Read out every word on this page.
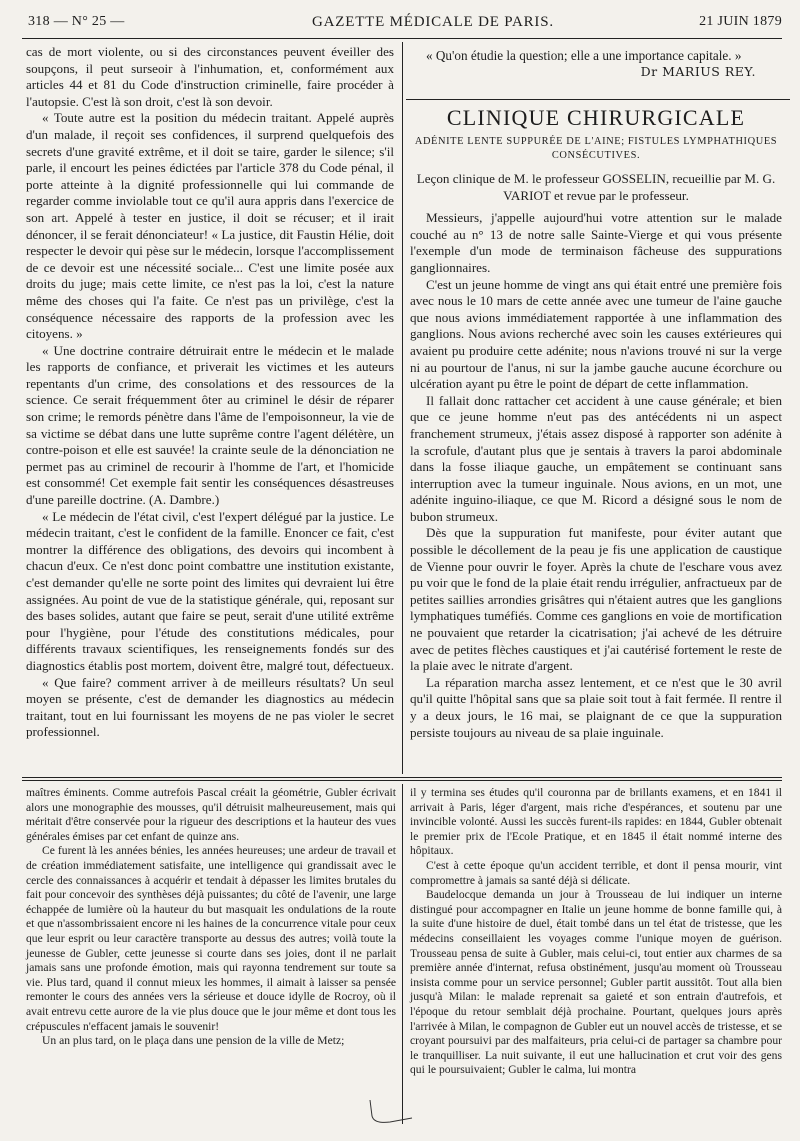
318 — N° 25 —	GAZETTE MÉDICALE DE PARIS.	21 JUIN 1879

cas de mort violente, ou si des circonstances peuvent éveiller des soupçons, il peut surseoir à l'inhumation, et, conformément aux articles 44 et 81 du Code d'instruction criminelle, faire procéder à l'autopsie. C'est là son droit, c'est là son devoir.

« Toute autre est la position du médecin traitant. Appelé auprès d'un malade, il reçoit ses confidences, il surprend quelquefois des secrets d'une gravité extrême, et il doit se taire, garder le silence; s'il parle, il encourt les peines édictées par l'article 378 du Code pénal, il porte atteinte à la dignité professionnelle qui lui commande de regarder comme inviolable tout ce qu'il aura appris dans l'exercice de son art. Appelé à tester en justice, il doit se récuser; et il irait dénoncer, il se ferait dénonciateur! « La justice, dit Faustin Hélie, doit respecter le devoir qui pèse sur le médecin, lorsque l'accomplissement de ce devoir est une nécessité sociale... C'est une limite posée aux droits du juge; mais cette limite, ce n'est pas la loi, c'est la nature même des choses qui l'a faite. Ce n'est pas un privilège, c'est la conséquence nécessaire des rapports de la profession avec les citoyens. »

« Une doctrine contraire détruirait entre le médecin et le malade les rapports de confiance, et priverait les victimes et les auteurs repentants d'un crime, des consolations et des ressources de la science. Ce serait fréquemment ôter au criminel le désir de réparer son crime; le remords pénètre dans l'âme de l'empoisonneur, la vie de sa victime se débat dans une lutte suprême contre l'agent délétère, un contre-poison et elle est sauvée! la crainte seule de la dénonciation ne permet pas au criminel de recourir à l'homme de l'art, et l'homicide est consommé! Cet exemple fait sentir les conséquences désastreuses d'une pareille doctrine. (A. Dambre.)

« Le médecin de l'état civil, c'est l'expert délégué par la justice. Le médecin traitant, c'est le confident de la famille. Enoncer ce fait, c'est montrer la différence des obligations, des devoirs qui incombent à chacun d'eux. Ce n'est donc point combattre une institution existante, c'est demander qu'elle ne sorte point des limites qui devraient lui être assignées. Au point de vue de la statistique générale, qui, reposant sur des bases solides, autant que faire se peut, serait d'une utilité extrême pour l'hygiène, pour l'étude des constitutions médicales, pour différents travaux scientifiques, les renseignements fondés sur des diagnostics établis post mortem, doivent être, malgré tout, défectueux.

« Que faire? comment arriver à de meilleurs résultats? Un seul moyen se présente, c'est de demander les diagnostics au médecin traitant, tout en lui fournissant les moyens de ne pas violer le secret professionnel.

« Qu'on étudie la question; elle a une importance capitale. »
Dr MARIUS REY.
CLINIQUE CHIRURGICALE
ADÉNITE LENTE SUPPURÉE DE L'AINE; FISTULES LYMPHATHIQUES CONSÉCUTIVES.
Leçon clinique de M. le professeur GOSSELIN, recueillie par M. G. VARIOT et revue par le professeur.

Messieurs, j'appelle aujourd'hui votre attention sur le malade couché au n° 13 de notre salle Sainte-Vierge et qui vous présente l'exemple d'un mode de terminaison fâcheuse des suppurations ganglionnaires.

C'est un jeune homme de vingt ans qui était entré une première fois avec nous le 10 mars de cette année avec une tumeur de l'aine gauche que nous avions immédiatement rapportée à une inflammation des ganglions. Nous avions recherché avec soin les causes extérieures qui avaient pu produire cette adénite; nous n'avions trouvé ni sur la verge ni au pourtour de l'anus, ni sur la jambe gauche aucune écorchure ou ulcération ayant pu être le point de départ de cette inflammation.

Il fallait donc rattacher cet accident à une cause générale; et bien que ce jeune homme n'eut pas des antécédents ni un aspect franchement strumeux, j'étais assez disposé à rapporter son adénite à la scrofule, d'autant plus que je sentais à travers la paroi abdominale dans la fosse iliaque gauche, un empâtement se continuant sans interruption avec la tumeur inguinale. Nous avions, en un mot, une adénite inguino-iliaque, ce que M. Ricord a désigné sous le nom de bubon strumeux.

Dès que la suppuration fut manifeste, pour éviter autant que possible le décollement de la peau je fis une application de caustique de Vienne pour ouvrir le foyer. Après la chute de l'eschare vous avez pu voir que le fond de la plaie était rendu irrégulier, anfractueux par de petites saillies arrondies grisâtres qui n'étaient autres que les ganglions lymphatiques tuméfiés. Comme ces ganglions en voie de mortification ne pouvaient que retarder la cicatrisation; j'ai achevé de les détruire avec de petites flèches caustiques et j'ai cautérisé fortement le reste de la plaie avec le nitrate d'argent.

La réparation marcha assez lentement, et ce n'est que le 30 avril qu'il quitte l'hôpital sans que sa plaie soit tout à fait fermée. Il rentre il y a deux jours, le 16 mai, se plaignant de ce que la suppuration persiste toujours au niveau de sa plaie inguinale.

maîtres éminents. Comme autrefois Pascal créait la géométrie, Gubler écrivait alors une monographie des mousses, qu'il détruisit malheureusement, mais qui méritait d'être conservée pour la rigueur des descriptions et la hauteur des vues générales émises par cet enfant de quinze ans.

Ce furent là les années bénies, les années heureuses; une ardeur de travail et de création immédiatement satisfaite, une intelligence qui grandissait avec le cercle des connaissances à acquérir et tendait à dépasser les limites brutales du fait pour concevoir des synthèses déjà puissantes; du côté de l'avenir, une large échappée de lumière où la hauteur du but masquait les ondulations de la route et que n'assombrissaient encore ni les haines de la concurrence vitale pour ceux que leur esprit ou leur caractère transporte au dessus des autres; voilà toute la jeunesse de Gubler, cette jeunesse si courte dans ses joies, dont il ne parlait jamais sans une profonde émotion, mais qui rayonna tendrement sur toute sa vie. Plus tard, quand il connut mieux les hommes, il aimait à laisser sa pensée remonter le cours des années vers la sérieuse et douce idylle de Rocroy, où il avait entrevu cette aurore de la vie plus douce que le jour même et dont tous les crépuscules n'effacent jamais le souvenir!

Un an plus tard, on le plaça dans une pension de la ville de Metz;

il y termina ses études qu'il couronna par de brillants examens, et en 1841 il arrivait à Paris, léger d'argent, mais riche d'espérances, et soutenu par une invincible volonté. Aussi les succès furent-ils rapides: en 1844, Gubler obtenait le premier prix de l'Ecole Pratique, et en 1845 il était nommé interne des hôpitaux.

C'est à cette époque qu'un accident terrible, et dont il pensa mourir, vint compromettre à jamais sa santé déjà si délicate.

Baudelocque demanda un jour à Trousseau de lui indiquer un interne distingué pour accompagner en Italie un jeune homme de bonne famille qui, à la suite d'une histoire de duel, était tombé dans un tel état de tristesse, que les médecins conseillaient les voyages comme l'unique moyen de guérison. Trousseau pensa de suite à Gubler, mais celui-ci, tout entier aux charmes de sa première année d'internat, refusa obstinément, jusqu'au moment où Trousseau insista comme pour un service personnel; Gubler partit aussitôt. Tout alla bien jusqu'à Milan: le malade reprenait sa gaieté et son entrain d'autrefois, et l'époque du retour semblait déjà prochaine. Pourtant, quelques jours après l'arrivée à Milan, le compagnon de Gubler eut un nouvel accès de tristesse, et se croyant poursuivi par des malfaiteurs, pria celui-ci de partager sa chambre pour le tranquilliser. La nuit suivante, il eut une hallucination et crut voir des gens qui le poursuivaient; Gubler le calma, lui montra
